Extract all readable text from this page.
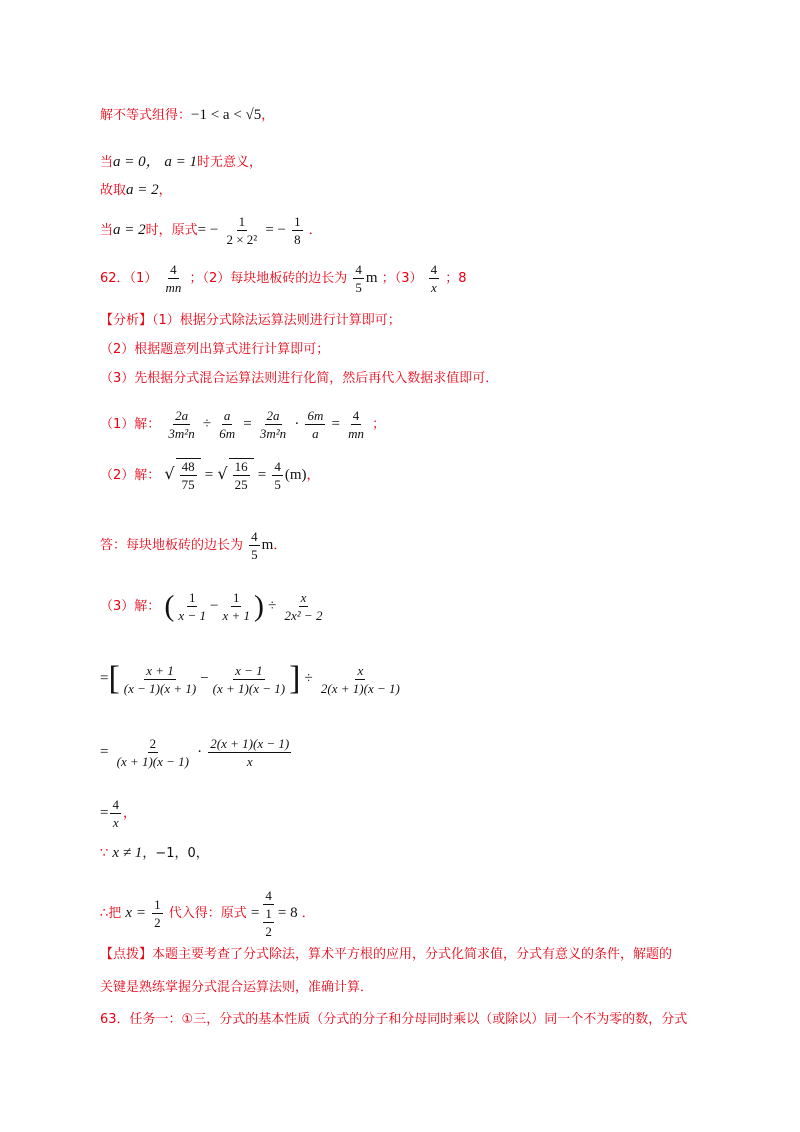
解不等式组得：−1 < a < √5，
当a = 0， a = 1时无意义，
故取a = 2，
当a = 2时，原式= − $\frac{1}{\text{2 × 2²}}$ = − $\frac{1}{8}$ ．
62．$(1) \frac{4}{mn}$ ；（2）每块地板砖的边长为 $\frac{4}{5}$ m ；$(3) \frac{4}{x}$ ；8
【分析】（1）根据分式除法运算法则进行计算即可；
（2）根据题意列出算式进行计算即可；
（3）先根据分式混合运算法则进行化简，然后再代入数据求值即可．
（1）解： $\frac{2a}{\text{3m²n}} \div \frac{a}{6m} = \frac{2a}{\text{3m²n}} \cdot \frac{6m}{a} = \frac{4}{mn}$ ；
（2）解： √ $\frac{48}{75}$ = √ $\frac{16}{25} = \frac{4}{5} (m)$，
答：每块地板砖的边长为 $\frac{4}{5}$ m．
（3）解： ( $\frac{1}{x - 1} - \frac{1}{x + 1}$ ) ÷ $\frac{x}{\text{2x² − 2}}$
=[ $\frac{x + 1}{(x - 1)(x + 1)} - \frac{x - 1}{(x + 1)(x - 1)}$ ] ÷ $\frac{x}{2(x + 1)(x - 1)}$
= $\frac{2}{(x + 1)(x - 1)} \cdot \frac{2(x + 1)(x - 1)}{x}$
= $\frac{4}{x}$ ，
∵ x ≠ 1，−1，0，
∴把 $x = \frac{1}{2}$ 代入得：原式 = $\frac{4}{\frac{1}{2}} = 8$ ．
【点拨】本题主要考查了分式除法，算术平方根的应用，分式化简求值，分式有意义的条件，解题的
关键是熟练掌握分式混合运算法则，准确计算．
63．任务一：①三，分式的基本性质（分式的分子和分母同时乘以（或除以）同一个不为零的数，分式
